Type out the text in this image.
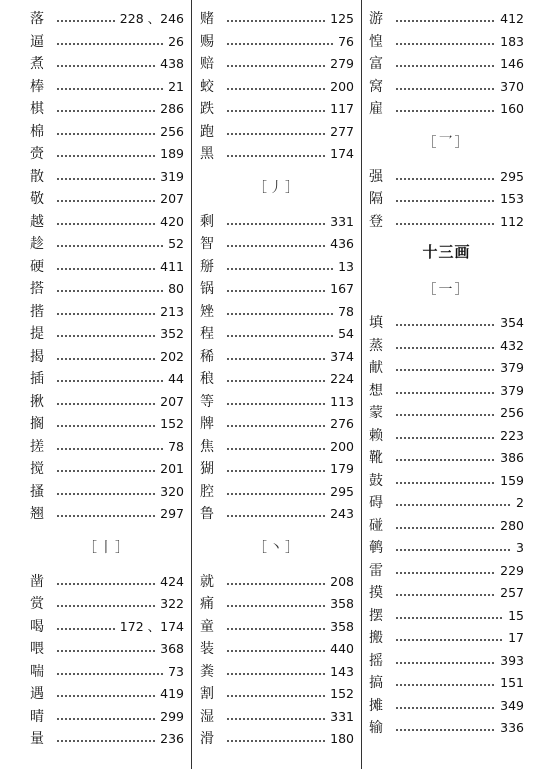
落	228 、246
逼	26
煮	438
棒	21
棋	286
棉	256
赍	189
散	319
敬	207
越	420
趁	52
硬	411
搭	80
揩	213
提	352
揭	202
插	44
揪	207
搁	152
搓	78
搅	201
搔	320
翘	297
［丨］
凿	424
赏	322
喝	172 、174
喂	368
喘	73
遇	419
晴	299
量	236
赌	125
赐	76
赔	279
蛟	200
跌	117
跑	277
黑	174
［丿］
剩	331
智	436
掰	13
锅	167
矬	78
程	54
稀	374
稂	224
等	113
牌	276
焦	200
猢	179
腔	295
鲁	243
［丶］
就	208
痛	358
童	358
装	440
粪	143
割	152
湿	331
滑	180
游	412
惶	183
富	146
窝	370
雇	160
［乛］
强	295
隔	153
登	112
十三画
［一］
填	354
蒸	432
献	379
想	379
蒙	256
赖	223
靴	386
鼓	159
碍	2
碰	280
鹌	3
雷	229
摸	257
摆	15
搬	17
摇	393
搞	151
摊	349
输	336
